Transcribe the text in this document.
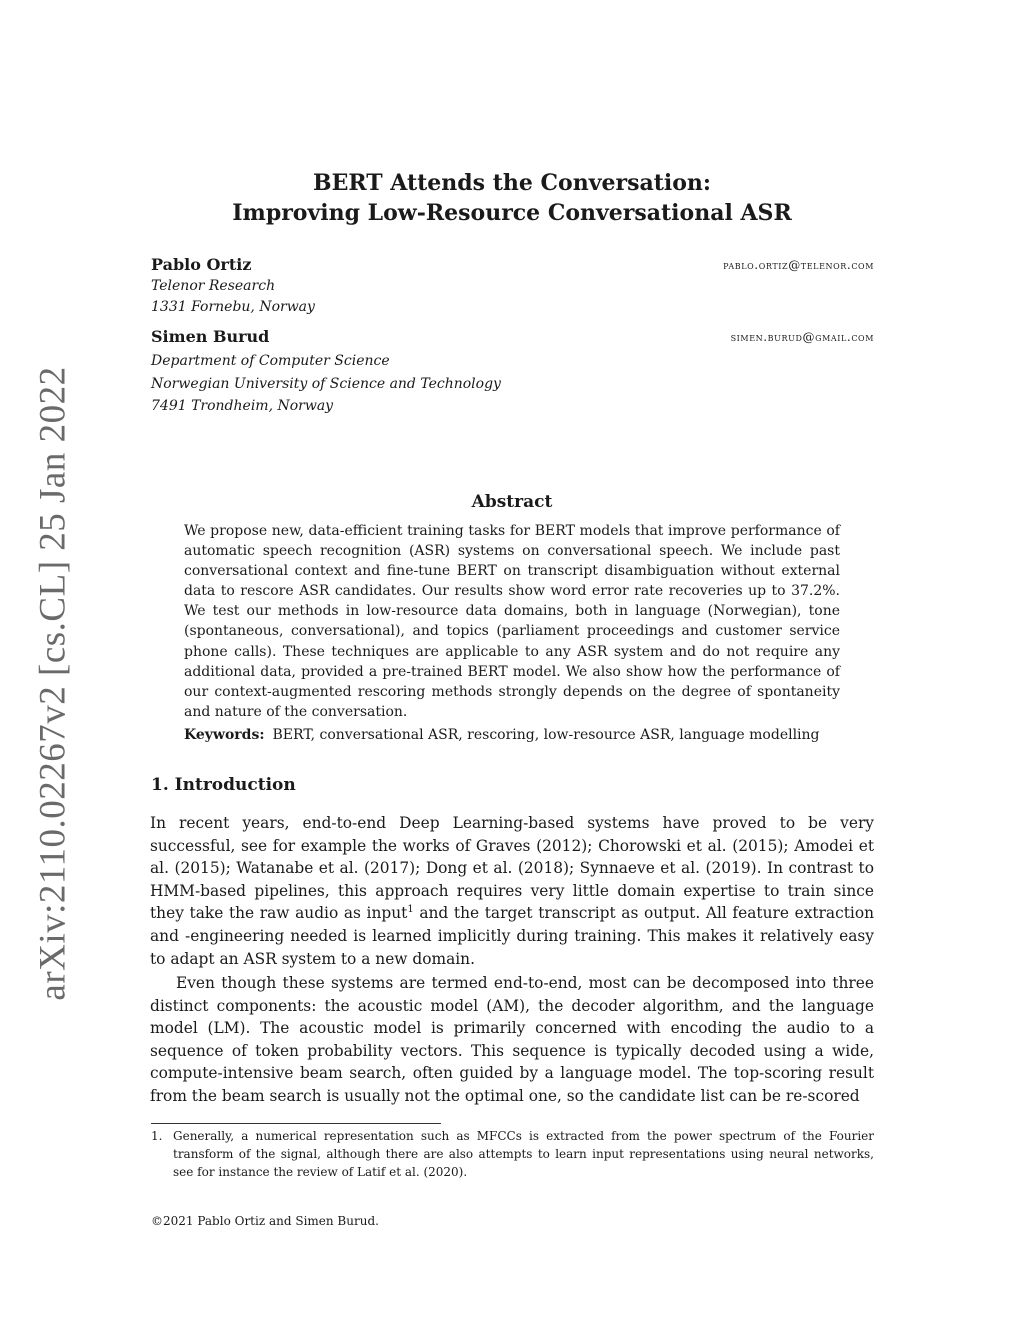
arXiv:2110.02267v2 [cs.CL] 25 Jan 2022
BERT Attends the Conversation:
Improving Low-Resource Conversational ASR
Pablo Ortiz	pablo.ortiz@telenor.com
Telenor Research
1331 Fornebu, Norway
Simen Burud	simen.burud@gmail.com
Department of Computer Science
Norwegian University of Science and Technology
7491 Trondheim, Norway
Abstract
We propose new, data-efficient training tasks for BERT models that improve performance of automatic speech recognition (ASR) systems on conversational speech. We include past conversational context and fine-tune BERT on transcript disambiguation without external data to rescore ASR candidates. Our results show word error rate recoveries up to 37.2%. We test our methods in low-resource data domains, both in language (Norwegian), tone (spontaneous, conversational), and topics (parliament proceedings and customer service phone calls). These techniques are applicable to any ASR system and do not require any additional data, provided a pre-trained BERT model. We also show how the performance of our context-augmented rescoring methods strongly depends on the degree of spontaneity and nature of the conversation.
Keywords: BERT, conversational ASR, rescoring, low-resource ASR, language modelling
1. Introduction
In recent years, end-to-end Deep Learning-based systems have proved to be very successful, see for example the works of Graves (2012); Chorowski et al. (2015); Amodei et al. (2015); Watanabe et al. (2017); Dong et al. (2018); Synnaeve et al. (2019). In contrast to HMM-based pipelines, this approach requires very little domain expertise to train since they take the raw audio as input$^1$ and the target transcript as output. All feature extraction and -engineering needed is learned implicitly during training. This makes it relatively easy to adapt an ASR system to a new domain.
Even though these systems are termed end-to-end, most can be decomposed into three distinct components: the acoustic model (AM), the decoder algorithm, and the language model (LM). The acoustic model is primarily concerned with encoding the audio to a sequence of token probability vectors. This sequence is typically decoded using a wide, compute-intensive beam search, often guided by a language model. The top-scoring result from the beam search is usually not the optimal one, so the candidate list can be re-scored
1. Generally, a numerical representation such as MFCCs is extracted from the power spectrum of the Fourier transform of the signal, although there are also attempts to learn input representations using neural networks, see for instance the review of Latif et al. (2020).
©2021 Pablo Ortiz and Simen Burud.
